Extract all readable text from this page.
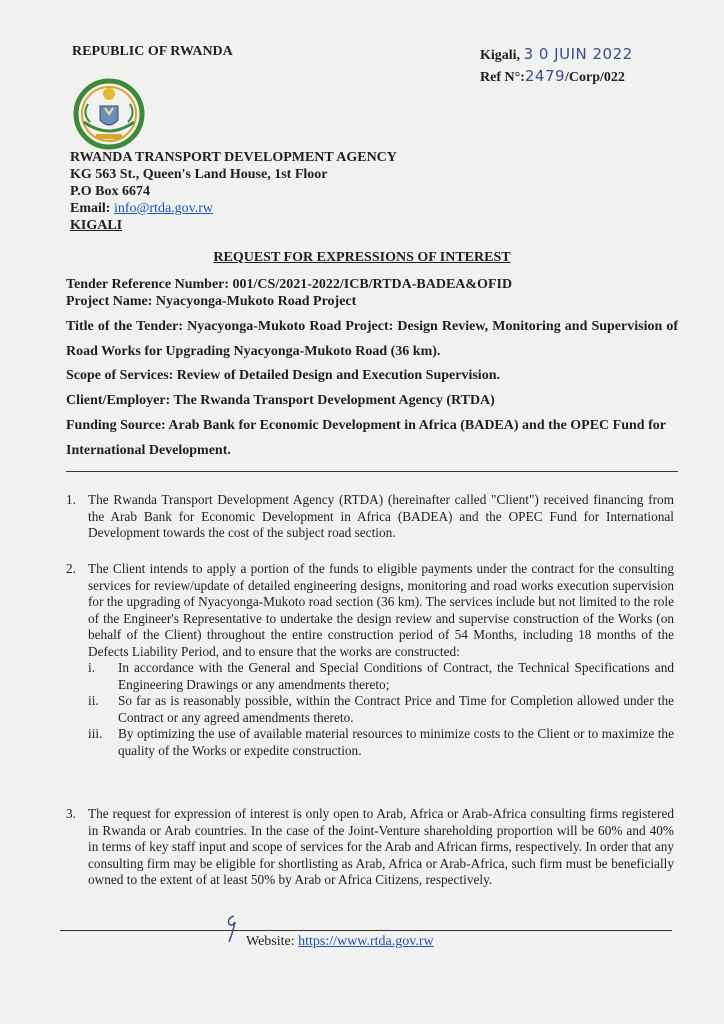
REPUBLIC OF RWANDA	Kigali, 3 0 JUIN 2022
Ref N°:2479/Corp/022
RWANDA TRANSPORT DEVELOPMENT AGENCY
KG 563 St., Queen's Land House, 1st Floor
P.O Box 6674
Email: info@rtda.gov.rw
KIGALI
REQUEST FOR EXPRESSIONS OF INTEREST

Tender Reference Number: 001/CS/2021-2022/ICB/RTDA-BADEA&OFID

Project Name: Nyacyonga-Mukoto Road Project

Title of the Tender: Nyacyonga-Mukoto Road Project: Design Review, Monitoring and Supervision of Road Works for Upgrading Nyacyonga-Mukoto Road (36 km).

Scope of Services: Review of Detailed Design and Execution Supervision.

Client/Employer: The Rwanda Transport Development Agency (RTDA)

Funding Source: Arab Bank for Economic Development in Africa (BADEA) and the OPEC Fund for International Development.

1. The Rwanda Transport Development Agency (RTDA) (hereinafter called "Client") received financing from the Arab Bank for Economic Development in Africa (BADEA) and the OPEC Fund for International Development towards the cost of the subject road section.
2. The Client intends to apply a portion of the funds to eligible payments under the contract for the consulting services for review/update of detailed engineering designs, monitoring and road works execution supervision for the upgrading of Nyacyonga-Mukoto road section (36 km). The services include but not limited to the role of the Engineer's Representative to undertake the design review and supervise construction of the Works (on behalf of the Client) throughout the entire construction period of 54 Months, including 18 months of the Defects Liability Period, and to ensure that the works are constructed:
i. In accordance with the General and Special Conditions of Contract, the Technical Specifications and Engineering Drawings or any amendments thereto;
ii. So far as is reasonably possible, within the Contract Price and Time for Completion allowed under the Contract or any agreed amendments thereto.
iii. By optimizing the use of available material resources to minimize costs to the Client or to maximize the quality of the Works or expedite construction.
3. The request for expression of interest is only open to Arab, Africa or Arab-Africa consulting firms registered in Rwanda or Arab countries. In the case of the Joint-Venture shareholding proportion will be 60% and 40% in terms of key staff input and scope of services for the Arab and African firms, respectively. In order that any consulting firm may be eligible for shortlisting as Arab, Africa or Arab-Africa, such firm must be beneficially owned to the extent of at least 50% by Arab or Africa Citizens, respectively.
Website: https://www.rtda.gov.rw
